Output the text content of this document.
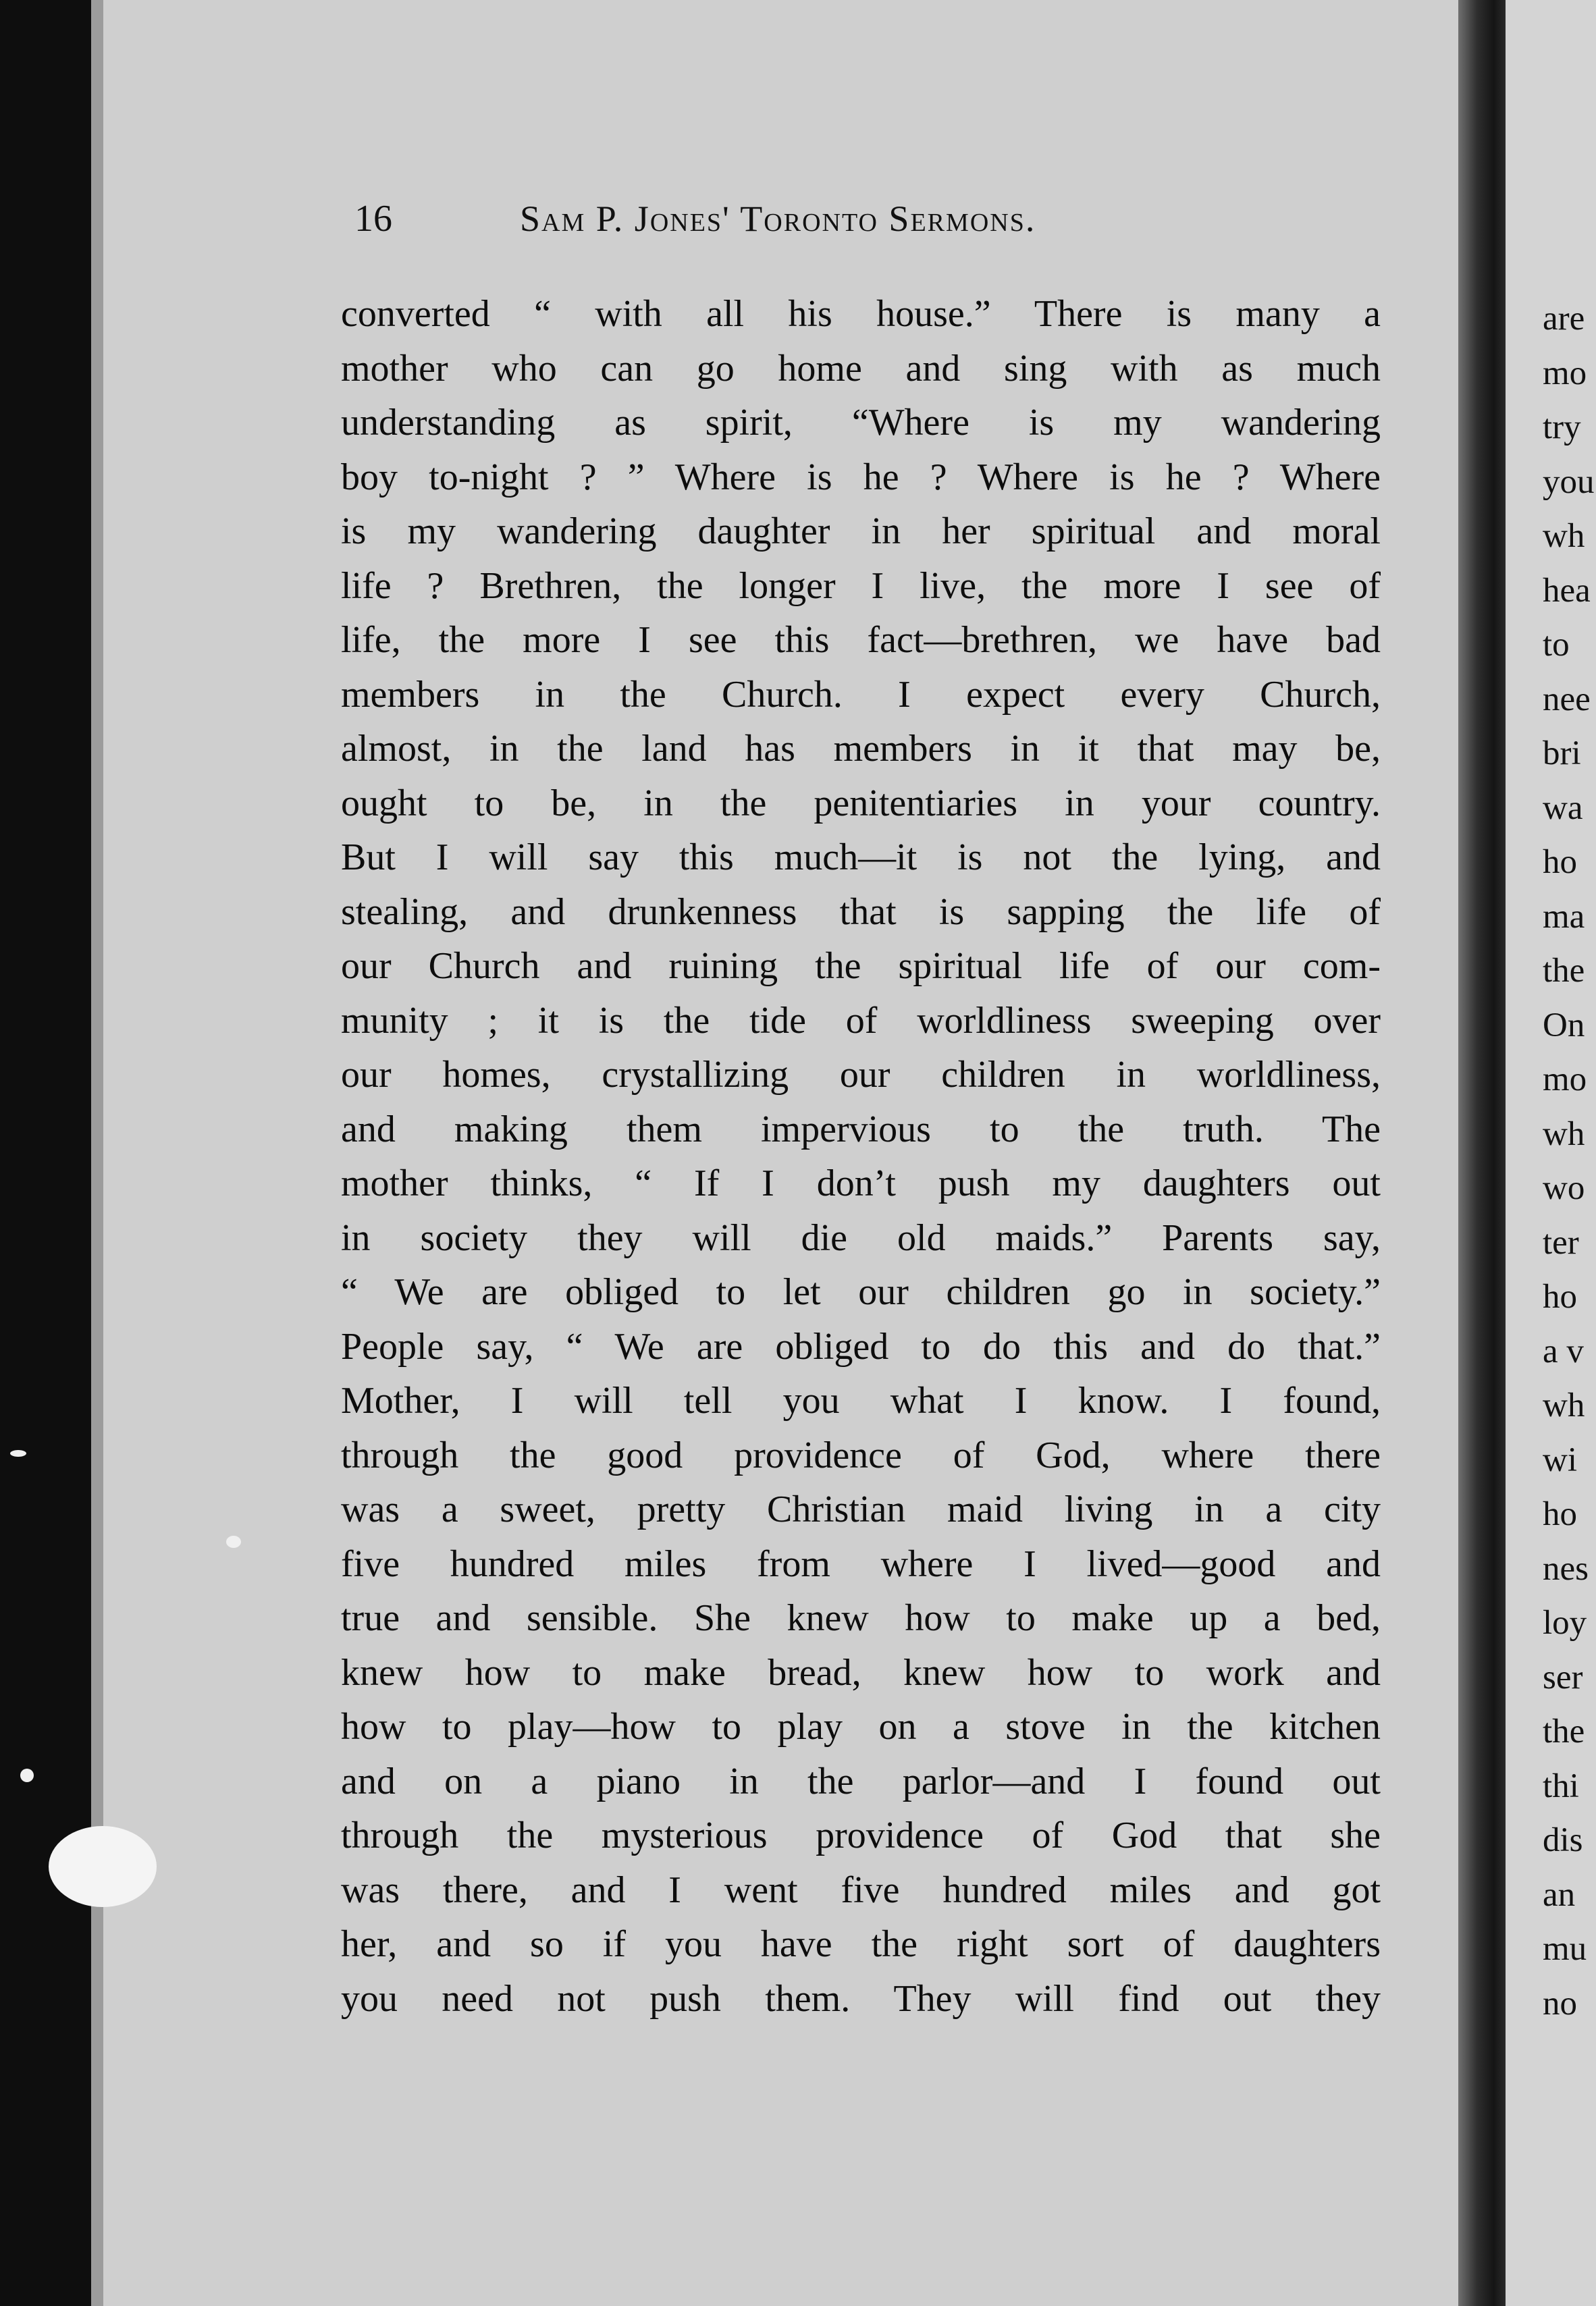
are
mo
try
you
wh
hea
to
nee
bri
wa
ho
ma
the
On
mo
wh
wo
ter
ho
a v
wh
wi
ho
nes
loy
ser
the
thi
dis
an
mu
no
16	Sam P. Jones' Toronto Sermons.
converted “ with all his house.” There is many a
mother who can go home and sing with as much
understanding as spirit, “Where is my wandering
boy to-night ? ” Where is he ? Where is he ? Where
is my wandering daughter in her spiritual and moral
life ? Brethren, the longer I live, the more I see of
life, the more I see this fact—brethren, we have bad
members in the Church. I expect every Church,
almost, in the land has members in it that may be,
ought to be, in the penitentiaries in your country.
But I will say this much—it is not the lying, and
stealing, and drunkenness that is sapping the life of
our Church and ruining the spiritual life of our com-
munity ; it is the tide of worldliness sweeping over
our homes, crystallizing our children in worldliness,
and making them impervious to the truth. The
mother thinks, “ If I don’t push my daughters out
in society they will die old maids.” Parents say,
“ We are obliged to let our children go in society.”
People say, “ We are obliged to do this and do that.”
Mother, I will tell you what I know. I found,
through the good providence of God, where there
was a sweet, pretty Christian maid living in a city
five hundred miles from where I lived—good and
true and sensible. She knew how to make up a bed,
knew how to make bread, knew how to work and
how to play—how to play on a stove in the kitchen
and on a piano in the parlor—and I found out
through the mysterious providence of God that she
was there, and I went five hundred miles and got
her, and so if you have the right sort of daughters
you need not push them. They will find out they
